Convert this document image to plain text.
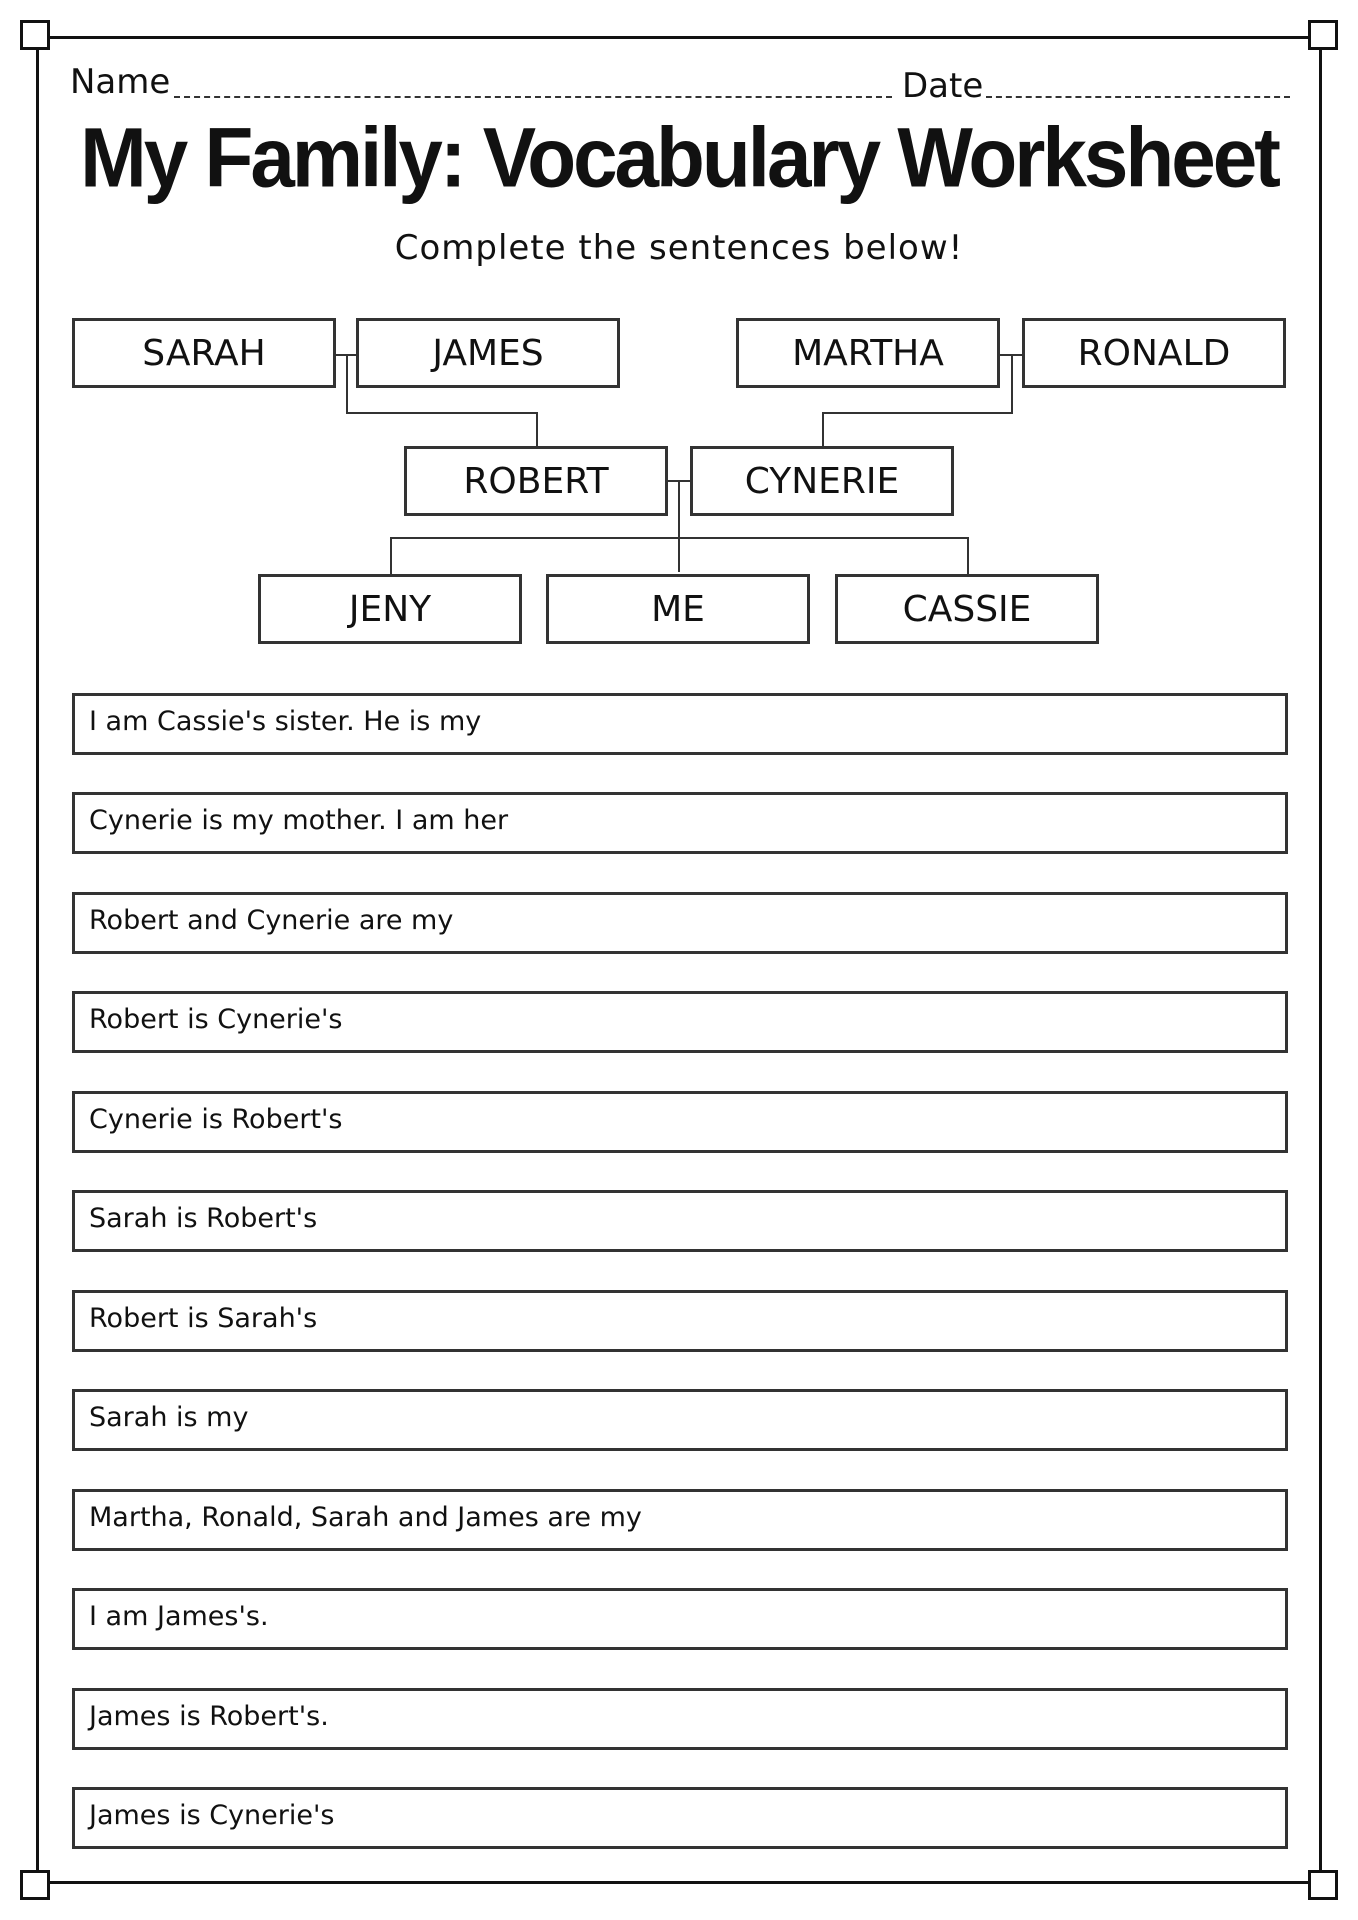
Name	Date
My Family: Vocabulary Worksheet
Complete the sentences below!
SARAH	JAMES	MARTHA	RONALD
ROBERT	CYNERIE
JENY	ME	CASSIE
I am Cassie's sister. He is my
Cynerie is my mother. I am her
Robert and Cynerie are my
Robert is Cynerie's
Cynerie is Robert's
Sarah is Robert's
Robert is Sarah's
Sarah is my
Martha, Ronald, Sarah and James are my
I am James's.
James is Robert's.
James is Cynerie's
